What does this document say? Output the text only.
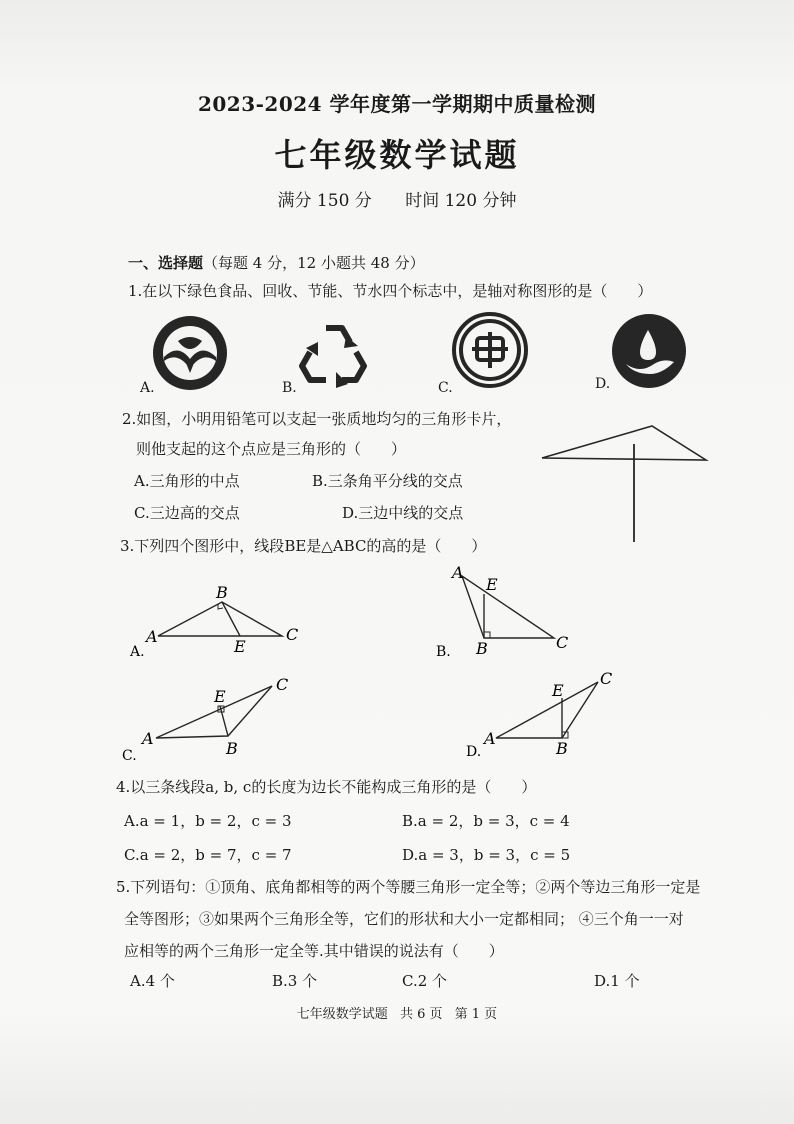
2023-2024 学年度第一学期期中质量检测
七年级数学试题
满分 150 分 时间 120 分钟
一、选择题（每题 4 分，12 小题共 48 分）
1.在以下绿色食品、回收、节能、节水四个标志中，是轴对称图形的是（　　）
A.	B.	C.	D.
2.如图，小明用铅笔可以支起一张质地均匀的三角形卡片，
则他支起的这个点应是三角形的（　　）
A.三角形的中点	B.三条角平分线的交点
C.三边高的交点	D.三边中线的交点
3.下列四个图形中，线段BE是△ABC的高的是（　　）
A
B
C
E
A.
A
B	C
E
B.
A
B
C
E
C.
A
B
C
E
D.
4.以三条线段a, b, c的长度为边长不能构成三角形的是（　　）
A.a = 1，b = 2，c = 3	B.a = 2，b = 3，c = 4
C.a = 2，b = 7，c = 7	D.a = 3，b = 3，c = 5
5.下列语句：①顶角、底角都相等的两个等腰三角形一定全等；②两个等边三角形一定是
全等图形；③如果两个三角形全等，它们的形状和大小一定都相同； ④三个角一一对
应相等的两个三角形一定全等.其中错误的说法有（　　）
A.4 个	B.3 个	C.2 个	D.1 个
七年级数学试题 共 6 页 第 1 页
